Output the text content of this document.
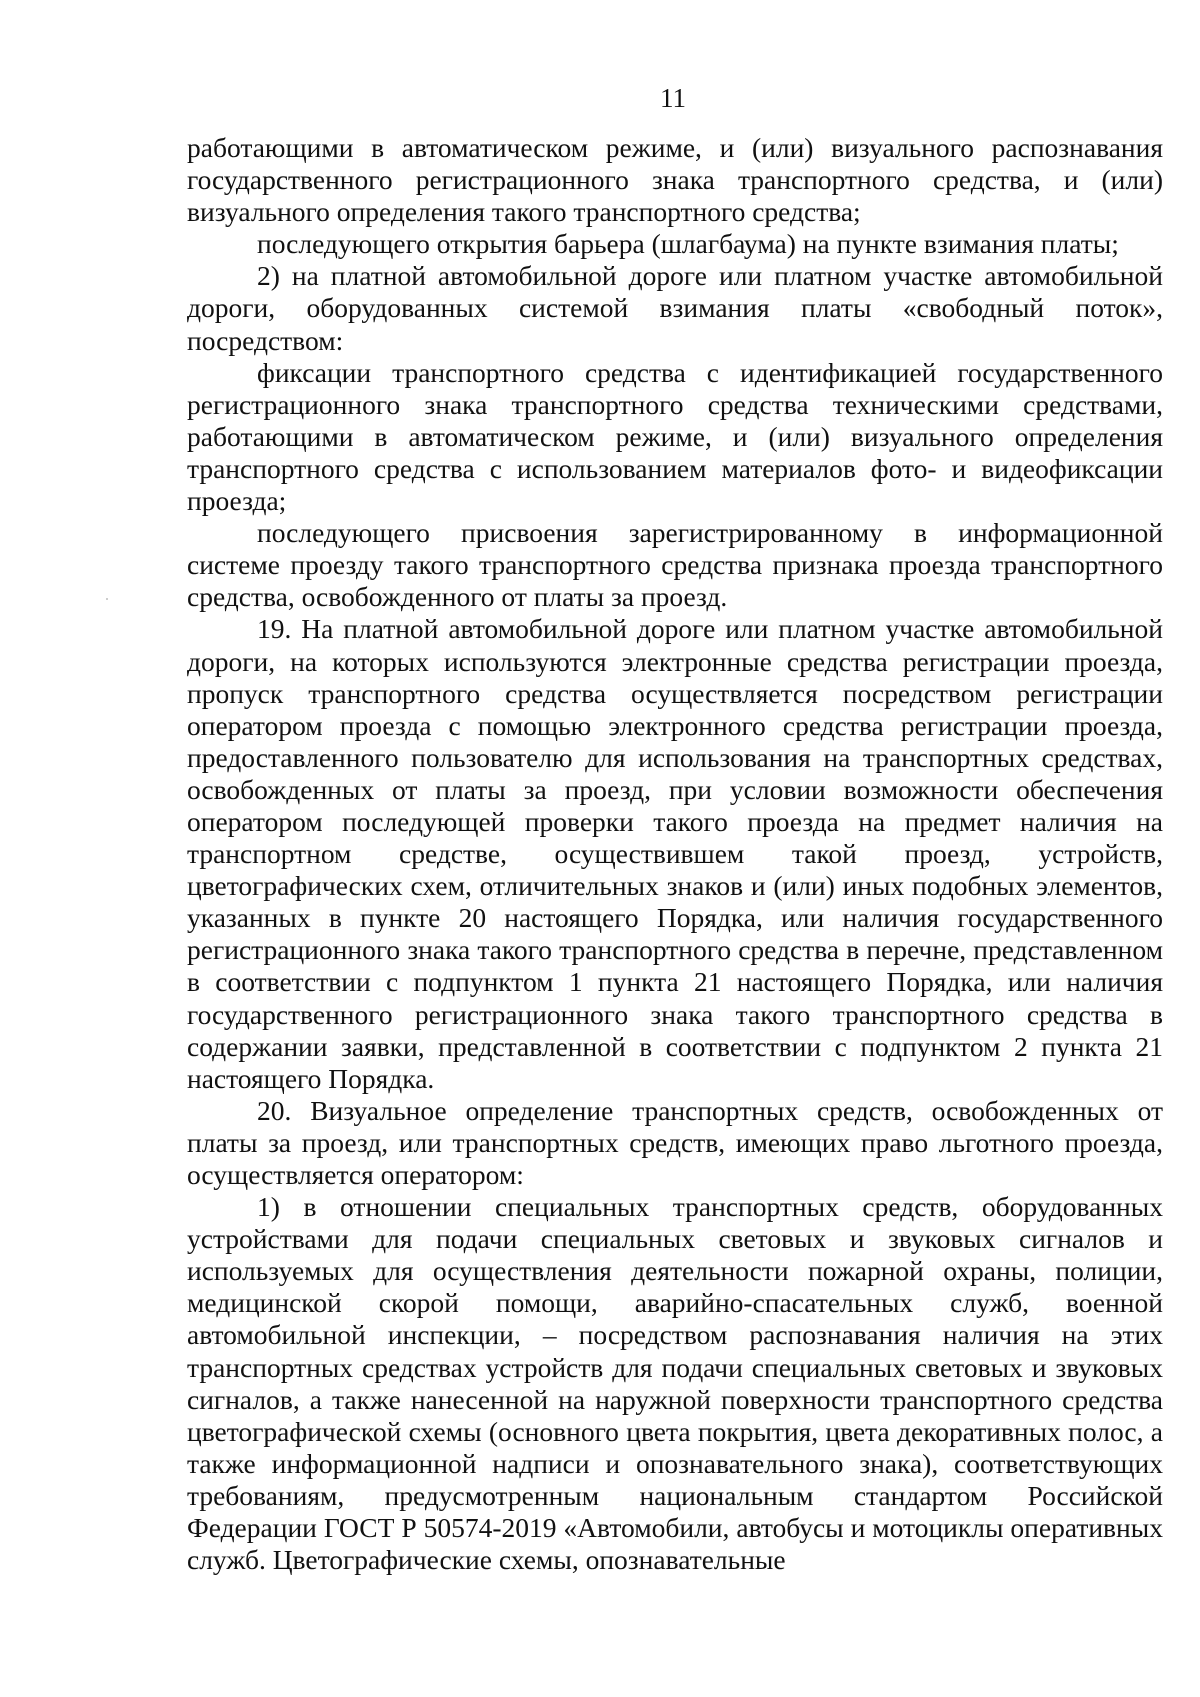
11

работающими в автоматическом режиме, и (или) визуального распознавания государственного регистрационного знака транспортного средства, и (или) визуального определения такого транспортного средства;

последующего открытия барьера (шлагбаума) на пункте взимания платы;

2) на платной автомобильной дороге или платном участке автомобильной дороги, оборудованных системой взимания платы «свободный поток», посредством:

фиксации транспортного средства с идентификацией государственного регистрационного знака транспортного средства техническими средствами, работающими в автоматическом режиме, и (или) визуального определения транспортного средства с использованием материалов фото- и видеофиксации проезда;

последующего присвоения зарегистрированному в информационной системе проезду такого транспортного средства признака проезда транспортного средства, освобожденного от платы за проезд.

19. На платной автомобильной дороге или платном участке автомобильной дороги, на которых используются электронные средства регистрации проезда, пропуск транспортного средства осуществляется посредством регистрации оператором проезда с помощью электронного средства регистрации проезда, предоставленного пользователю для использования на транспортных средствах, освобожденных от платы за проезд, при условии возможности обеспечения оператором последующей проверки такого проезда на предмет наличия на транспортном средстве, осуществившем такой проезд, устройств, цветографических схем, отличительных знаков и (или) иных подобных элементов, указанных в пункте 20 настоящего Порядка, или наличия государственного регистрационного знака такого транспортного средства в перечне, представленном в соответствии с подпунктом 1 пункта 21 настоящего Порядка, или наличия государственного регистрационного знака такого транспортного средства в содержании заявки, представленной в соответствии с подпунктом 2 пункта 21 настоящего Порядка.

20. Визуальное определение транспортных средств, освобожденных от платы за проезд, или транспортных средств, имеющих право льготного проезда, осуществляется оператором:

1) в отношении специальных транспортных средств, оборудованных устройствами для подачи специальных световых и звуковых сигналов и используемых для осуществления деятельности пожарной охраны, полиции, медицинской скорой помощи, аварийно-спасательных служб, военной автомобильной инспекции, – посредством распознавания наличия на этих транспортных средствах устройств для подачи специальных световых и звуковых сигналов, а также нанесенной на наружной поверхности транспортного средства цветографической схемы (основного цвета покрытия, цвета декоративных полос, а также информационной надписи и опознавательного знака), соответствующих требованиям, предусмотренным национальным стандартом Российской Федерации ГОСТ Р 50574-2019 «Автомобили, автобусы и мотоциклы оперативных служб. Цветографические схемы, опознавательные
